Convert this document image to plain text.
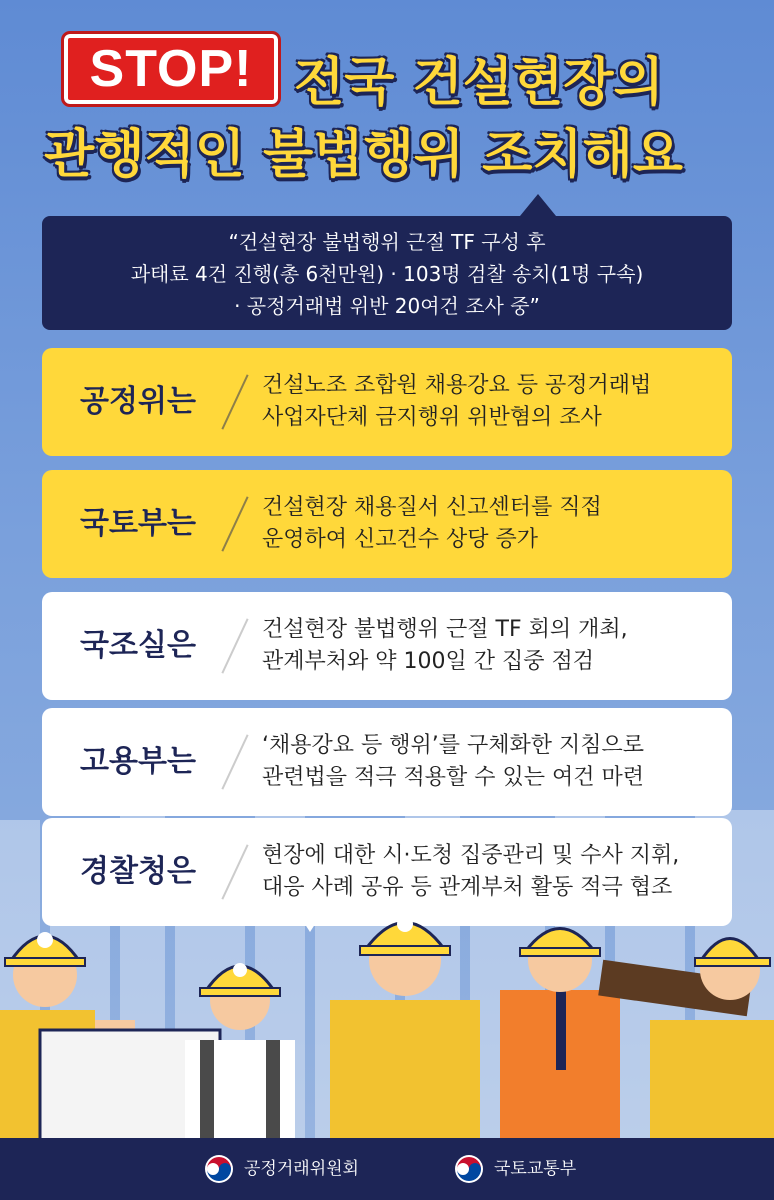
STOP! 전국 건설현장의
관행적인 불법행위 조치해요
“건설현장 불법행위 근절 TF 구성 후
과태료 4건 진행(총 6천만원) · 103명 검찰 송치(1명 구속)
· 공정거래법 위반 20여건 조사 중”
공정위는	건설노조 조합원 채용강요 등 공정거래법
사업자단체 금지행위 위반혐의 조사
국토부는	건설현장 채용질서 신고센터를 직접
운영하여 신고건수 상당 증가
국조실은	건설현장 불법행위 근절 TF 회의 개최,
관계부처와 약 100일 간 집중 점검
고용부는	‘채용강요 등 행위’를 구체화한 지침으로
관련법을 적극 적용할 수 있는 여건 마련
경찰청은	현장에 대한 시·도청 집중관리 및 수사 지휘,
대응 사례 공유 등 관계부처 활동 적극 협조
공정거래위원회	국토교통부
